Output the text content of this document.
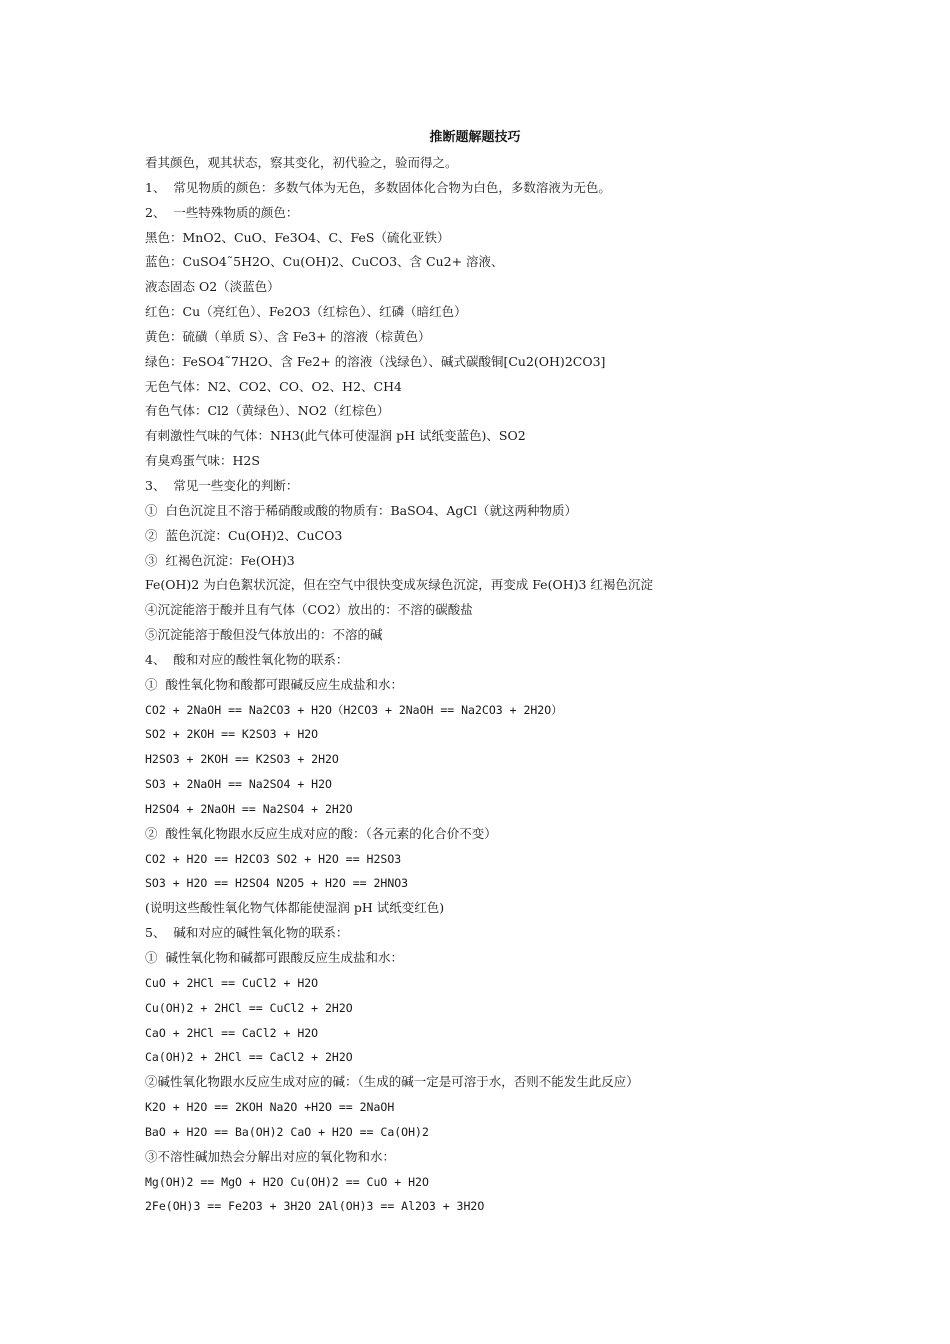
推断题解题技巧
看其颜色，观其状态，察其变化，初代验之，验而得之。
1、  常见物质的颜色：多数气体为无色，多数固体化合物为白色，多数溶液为无色。
2、  一些特殊物质的颜色：
黑色：MnO2、CuO、Fe3O4、C、FeS（硫化亚铁）
蓝色：CuSO4˜5H2O、Cu(OH)2、CuCO3、含 Cu2+ 溶液、
液态固态 O2（淡蓝色）
红色：Cu（亮红色）、Fe2O3（红棕色）、红磷（暗红色）
黄色：硫磺（单质 S）、含 Fe3+ 的溶液（棕黄色）
绿色：FeSO4˜7H2O、含 Fe2+ 的溶液（浅绿色）、碱式碳酸铜[Cu2(OH)2CO3]
无色气体：N2、CO2、CO、O2、H2、CH4
有色气体：Cl2（黄绿色）、NO2（红棕色）
有刺激性气味的气体：NH3(此气体可使湿润 pH 试纸变蓝色)、SO2
有臭鸡蛋气味：H2S
3、  常见一些变化的判断：
①  白色沉淀且不溶于稀硝酸或酸的物质有：BaSO4、AgCl（就这两种物质）
②  蓝色沉淀：Cu(OH)2、CuCO3
③  红褐色沉淀：Fe(OH)3
Fe(OH)2 为白色絮状沉淀，但在空气中很快变成灰绿色沉淀，再变成 Fe(OH)3 红褐色沉淀
④沉淀能溶于酸并且有气体（CO2）放出的：不溶的碳酸盐
⑤沉淀能溶于酸但没气体放出的：不溶的碱
4、  酸和对应的酸性氧化物的联系：
①  酸性氧化物和酸都可跟碱反应生成盐和水：
CO2 + 2NaOH == Na2CO3 + H2O（H2CO3 + 2NaOH == Na2CO3 + 2H2O）
SO2 + 2KOH == K2SO3 + H2O
H2SO3 + 2KOH == K2SO3 + 2H2O
SO3 + 2NaOH == Na2SO4 + H2O
H2SO4 + 2NaOH == Na2SO4 + 2H2O
②  酸性氧化物跟水反应生成对应的酸：（各元素的化合价不变）
CO2 + H2O == H2CO3 SO2 + H2O == H2SO3
SO3 + H2O == H2SO4 N2O5 + H2O == 2HNO3
(说明这些酸性氧化物气体都能使湿润 pH 试纸变红色)
5、  碱和对应的碱性氧化物的联系：
①  碱性氧化物和碱都可跟酸反应生成盐和水：
CuO + 2HCl == CuCl2 + H2O
Cu(OH)2 + 2HCl == CuCl2 + 2H2O
CaO + 2HCl == CaCl2 + H2O
Ca(OH)2 + 2HCl == CaCl2 + 2H2O
②碱性氧化物跟水反应生成对应的碱：（生成的碱一定是可溶于水，否则不能发生此反应）
K2O + H2O == 2KOH Na2O +H2O == 2NaOH
BaO + H2O == Ba(OH)2 CaO + H2O == Ca(OH)2
③不溶性碱加热会分解出对应的氧化物和水：
Mg(OH)2 == MgO + H2O Cu(OH)2 == CuO + H2O
2Fe(OH)3 == Fe2O3 + 3H2O 2Al(OH)3 == Al2O3 + 3H2O
